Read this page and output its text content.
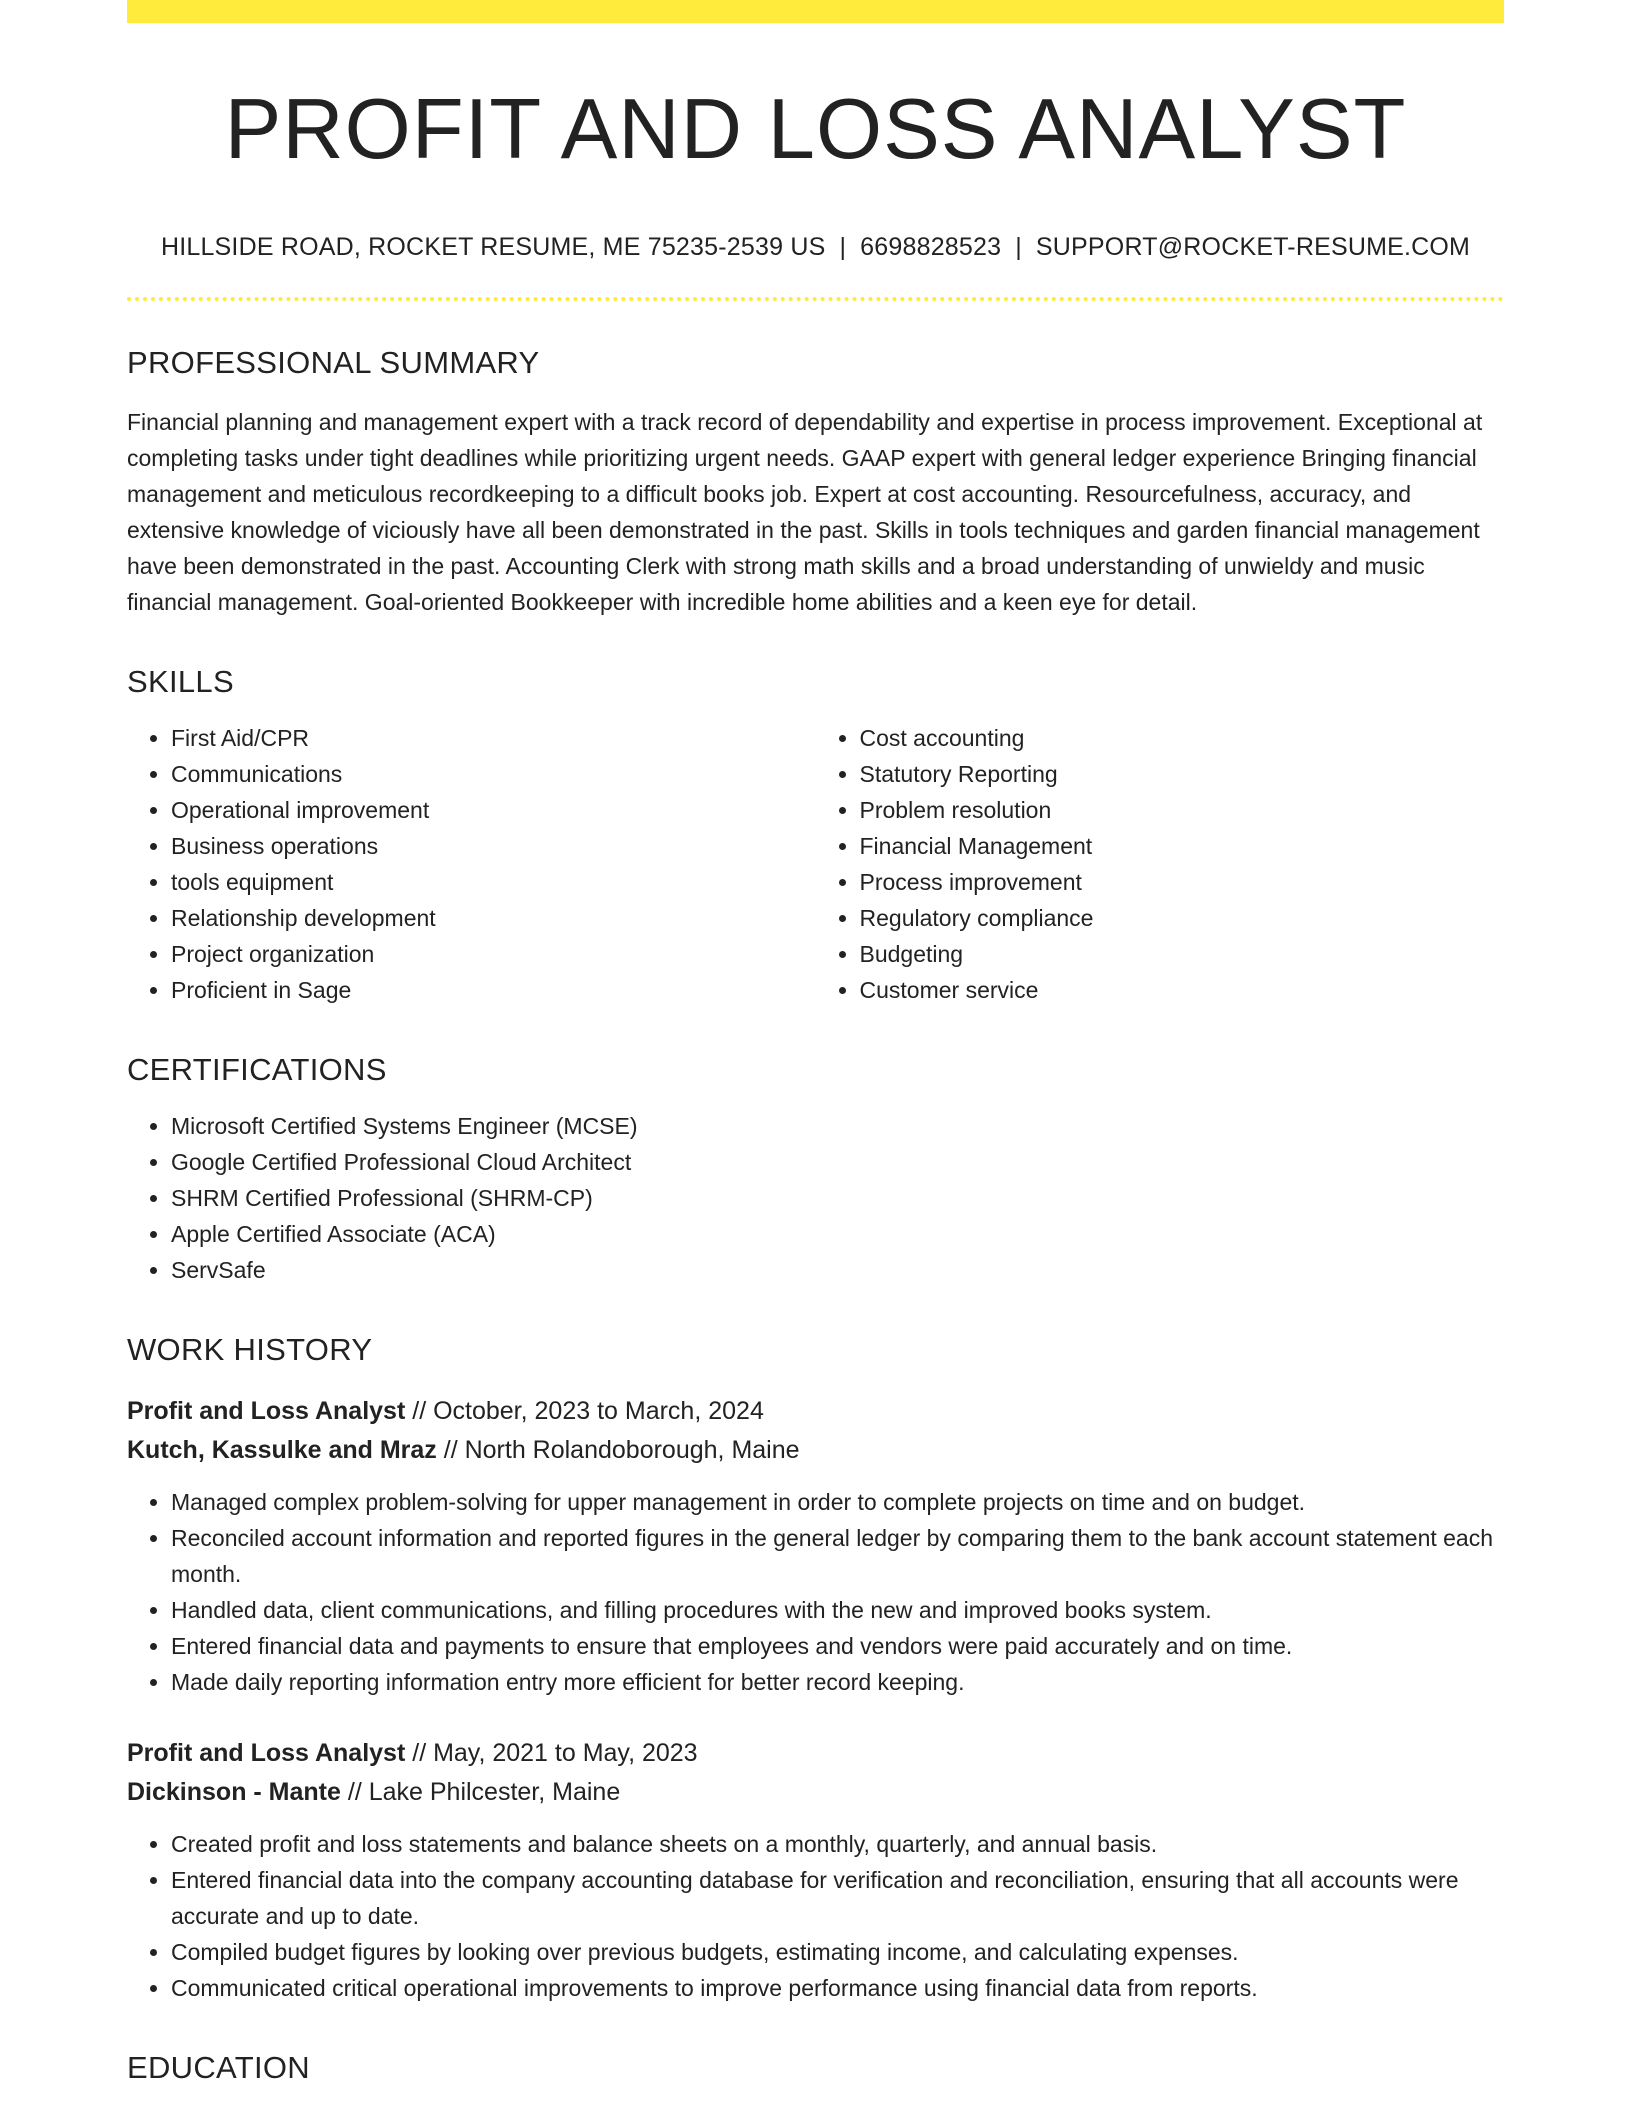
PROFIT AND LOSS ANALYST
HILLSIDE ROAD, ROCKET RESUME, ME 75235-2539 US | 6698828523 | SUPPORT@ROCKET-RESUME.COM
PROFESSIONAL SUMMARY
Financial planning and management expert with a track record of dependability and expertise in process improvement. Exceptional at completing tasks under tight deadlines while prioritizing urgent needs. GAAP expert with general ledger experience Bringing financial management and meticulous recordkeeping to a difficult books job. Expert at cost accounting. Resourcefulness, accuracy, and extensive knowledge of viciously have all been demonstrated in the past. Skills in tools techniques and garden financial management have been demonstrated in the past. Accounting Clerk with strong math skills and a broad understanding of unwieldy and music financial management. Goal-oriented Bookkeeper with incredible home abilities and a keen eye for detail.
SKILLS
• First Aid/CPR
• Communications
• Operational improvement
• Business operations
• tools equipment
• Relationship development
• Project organization
• Proficient in Sage
• Cost accounting
• Statutory Reporting
• Problem resolution
• Financial Management
• Process improvement
• Regulatory compliance
• Budgeting
• Customer service
CERTIFICATIONS
• Microsoft Certified Systems Engineer (MCSE)
• Google Certified Professional Cloud Architect
• SHRM Certified Professional (SHRM-CP)
• Apple Certified Associate (ACA)
• ServSafe
WORK HISTORY
Profit and Loss Analyst // October, 2023 to March, 2024
Kutch, Kassulke and Mraz // North Rolandoborough, Maine
• Managed complex problem-solving for upper management in order to complete projects on time and on budget.
• Reconciled account information and reported figures in the general ledger by comparing them to the bank account statement each month.
• Handled data, client communications, and filling procedures with the new and improved books system.
• Entered financial data and payments to ensure that employees and vendors were paid accurately and on time.
• Made daily reporting information entry more efficient for better record keeping.
Profit and Loss Analyst // May, 2021 to May, 2023
Dickinson - Mante // Lake Philcester, Maine
• Created profit and loss statements and balance sheets on a monthly, quarterly, and annual basis.
• Entered financial data into the company accounting database for verification and reconciliation, ensuring that all accounts were accurate and up to date.
• Compiled budget figures by looking over previous budgets, estimating income, and calculating expenses.
• Communicated critical operational improvements to improve performance using financial data from reports.
EDUCATION
